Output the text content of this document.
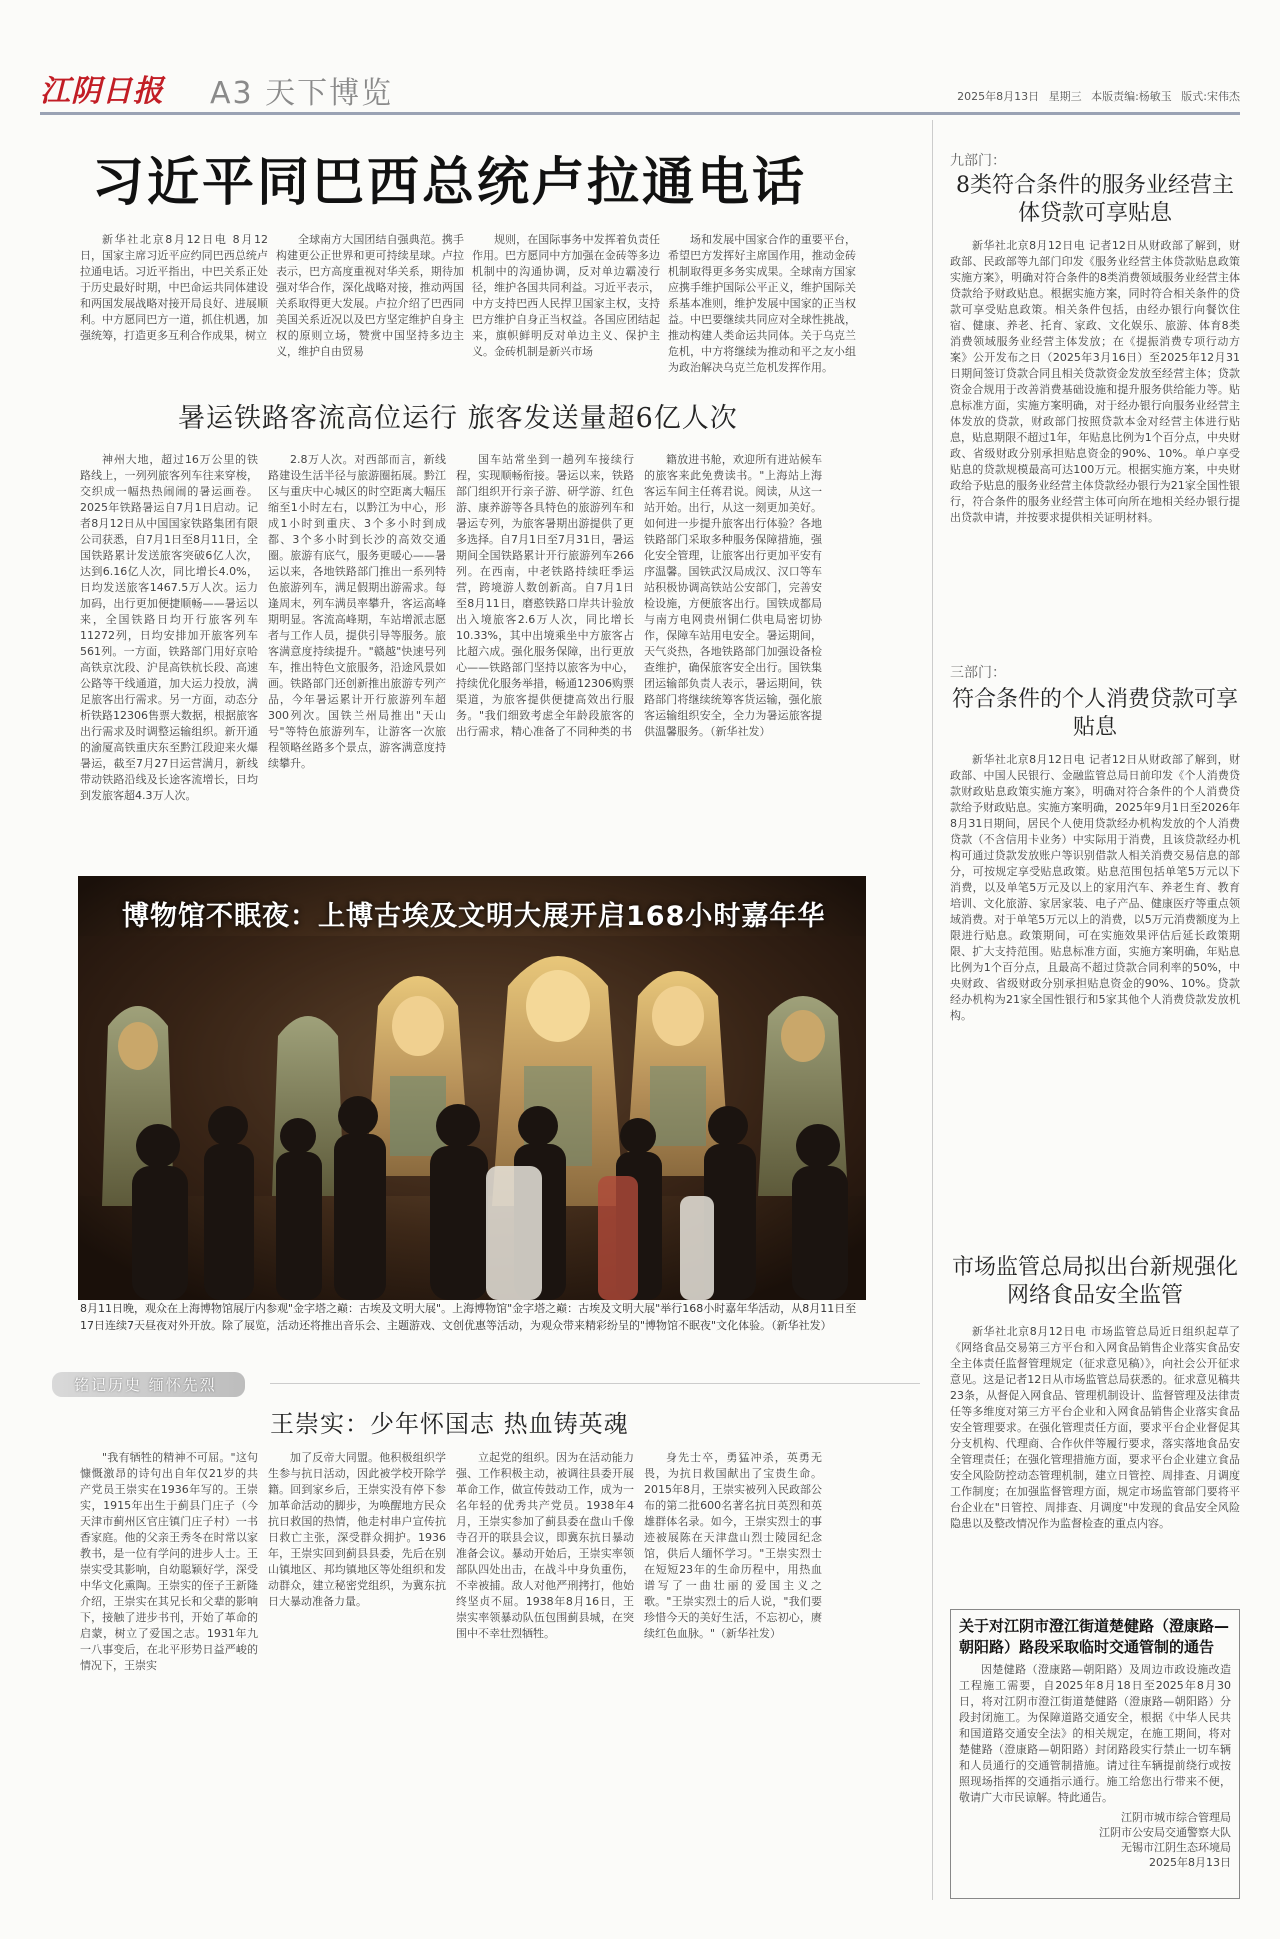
江阴日报 A3 天下博览	2025年8月13日 星期三 本版责编:杨敏玉 版式:宋伟杰
习近平同巴西总统卢拉通电话
新华社北京8月12日电 8月12日，国家主席习近平应约同巴西总统卢拉通电话。习近平指出，中巴关系正处于历史最好时期，中巴命运共同体建设和两国发展战略对接开局良好、进展顺利。中方愿同巴方一道，抓住机遇，加强统筹，打造更多互利合作成果，树立
全球南方大国团结自强典范。携手构建更公正世界和更可持续星球。卢拉表示，巴方高度重视对华关系，期待加强对华合作，深化战略对接，推动两国关系取得更大发展。卢拉介绍了巴西同美国关系近况以及巴方坚定维护自身主权的原则立场，赞赏中国坚持多边主义，维护自由贸易
规则，在国际事务中发挥着负责任作用。巴方愿同中方加强在金砖等多边机制中的沟通协调，反对单边霸凌行径，维护各国共同利益。习近平表示，中方支持巴西人民捍卫国家主权，支持巴方维护自身正当权益。各国应团结起来，旗帜鲜明反对单边主义、保护主义。金砖机制是新兴市场
场和发展中国家合作的重要平台，希望巴方发挥好主席国作用，推动金砖机制取得更多务实成果。全球南方国家应携手维护国际公平正义，维护国际关系基本准则，维护发展中国家的正当权益。中巴要继续共同应对全球性挑战，推动构建人类命运共同体。关于乌克兰危机，中方将继续为推动和平之友小组为政治解决乌克兰危机发挥作用。
暑运铁路客流高位运行 旅客发送量超6亿人次
神州大地，超过16万公里的铁路线上，一列列旅客列车往来穿梭，交织成一幅热热闹闹的暑运画卷。2025年铁路暑运自7月1日启动。记者8月12日从中国国家铁路集团有限公司获悉，自7月1日至8月11日，全国铁路累计发送旅客突破6亿人次，达到6.16亿人次，同比增长4.0%，日均发送旅客1467.5万人次。运力加码，出行更加便捷顺畅——暑运以来，全国铁路日均开行旅客列车11272列，日均安排加开旅客列车561列。一方面，铁路部门用好京哈高铁京沈段、沪昆高铁杭长段、高速公路等干线通道，加大运力投放，满足旅客出行需求。另一方面，动态分析铁路12306售票大数据，根据旅客出行需求及时调整运输组织。新开通的渝厦高铁重庆东至黔江段迎来火爆暑运，截至7月27日运营满月，新线带动铁路沿线及长途客流增长，日均到发旅客超4.3万人次。
2.8万人次。对西部而言，新线路建设生活半径与旅游圈拓展。黔江区与重庆中心城区的时空距离大幅压缩至1小时左右，以黔江为中心，形成1小时到重庆、3个多小时到成都、3个多小时到长沙的高效交通圈。旅游有底气，服务更暖心——暑运以来，各地铁路部门推出一系列特色旅游列车，满足假期出游需求。每逢周末，列车满员率攀升，客运高峰期明显。客流高峰期，车站增派志愿者与工作人员，提供引导等服务。旅客满意度持续提升。"赣越"快速号列车，推出特色文旅服务，沿途风景如画。铁路部门还创新推出旅游专列产品，今年暑运累计开行旅游列车超300列次。国铁兰州局推出"天山号"等特色旅游列车，让游客一次旅程领略丝路多个景点，游客满意度持续攀升。
国车站常坐到一趟列车接续行程，实现顺畅衔接。暑运以来，铁路部门组织开行亲子游、研学游、红色游、康养游等各具特色的旅游列车和暑运专列，为旅客暑期出游提供了更多选择。自7月1日至7月31日，暑运期间全国铁路累计开行旅游列车266列。在西南，中老铁路持续旺季运营，跨境游人数创新高。自7月1日至8月11日，磨憨铁路口岸共计验放出入境旅客2.6万人次，同比增长10.33%，其中出境乘坐中方旅客占比超六成。强化服务保障，出行更放心——铁路部门坚持以旅客为中心，持续优化服务举措，畅通12306购票渠道，为旅客提供便捷高效出行服务。"我们细致考虑全年龄段旅客的出行需求，精心准备了不同种类的书
籍放进书舱，欢迎所有进站候车的旅客来此免费读书。"上海站上海客运车间主任蒋君说。阅读，从这一站开始。出行，从这一刻更加美好。如何进一步提升旅客出行体验？各地铁路部门采取多种服务保障措施，强化安全管理，让旅客出行更加平安有序温馨。国铁武汉局成汉、汉口等车站积极协调高铁站公安部门，完善安检设施，方便旅客出行。国铁成都局与南方电网贵州铜仁供电局密切协作，保障车站用电安全。暑运期间，天气炎热，各地铁路部门加强设备检查维护，确保旅客安全出行。国铁集团运输部负责人表示，暑运期间，铁路部门将继续统筹客货运输，强化旅客运输组织安全，全力为暑运旅客提供温馨服务。（新华社发）
博物馆不眠夜：上博古埃及文明大展开启168小时嘉年华
8月11日晚，观众在上海博物馆展厅内参观"金字塔之巅：古埃及文明大展"。上海博物馆"金字塔之巅：古埃及文明大展"举行168小时嘉年华活动，从8月11日至17日连续7天昼夜对外开放。除了展览，活动还将推出音乐会、主题游戏、文创优惠等活动，为观众带来精彩纷呈的"博物馆不眠夜"文化体验。（新华社发）
铭记历史 缅怀先烈
王崇实：少年怀国志 热血铸英魂
"我有牺牲的精神不可屈。"这句慷慨激昂的诗句出自年仅21岁的共产党员王崇实在1936年写的。王崇实，1915年出生于蓟县门庄子（今天津市蓟州区官庄镇门庄子村）一书香家庭。他的父亲王秀冬在时常以家教书，是一位有学问的进步人士。王崇实受其影响，自幼聪颖好学，深受中华文化熏陶。王崇实的侄子王新隆介绍，王崇实在其兄长和父辈的影响下，接触了进步书刊，开始了革命的启蒙，树立了爱国之志。1931年九一八事变后，在北平形势日益严峻的情况下，王崇实
加了反帝大同盟。他积极组织学生参与抗日活动，因此被学校开除学籍。回到家乡后，王崇实没有停下参加革命活动的脚步，为唤醒地方民众抗日救国的热情，他走村串户宣传抗日救亡主张，深受群众拥护。1936年，王崇实回到蓟县县委，先后在别山镇地区、邦均镇地区等处组织和发动群众，建立秘密党组织，为冀东抗日大暴动准备力量。
立起党的组织。因为在活动能力强、工作积极主动，被调往县委开展革命工作，做宣传鼓动工作，成为一名年轻的优秀共产党员。1938年4月，王崇实参加了蓟县委在盘山千像寺召开的联县会议，即冀东抗日暴动准备会议。暴动开始后，王崇实率领部队四处出击，在战斗中身负重伤，不幸被捕。敌人对他严刑拷打，他始终坚贞不屈。1938年8月16日，王崇实率领暴动队伍包围蓟县城，在突围中不幸壮烈牺牲。
身先士卒，勇猛冲杀，英勇无畏，为抗日救国献出了宝贵生命。2015年8月，王崇实被列入民政部公布的第二批600名著名抗日英烈和英雄群体名录。如今，王崇实烈士的事迹被展陈在天津盘山烈士陵园纪念馆，供后人缅怀学习。"王崇实烈士在短短23年的生命历程中，用热血谱写了一曲壮丽的爱国主义之歌。"王崇实烈士的后人说，"我们要珍惜今天的美好生活，不忘初心，赓续红色血脉。"（新华社发）
九部门：
8类符合条件的服务业经营主体贷款可享贴息
新华社北京8月12日电 记者12日从财政部了解到，财政部、民政部等九部门印发《服务业经营主体贷款贴息政策实施方案》，明确对符合条件的8类消费领域服务业经营主体贷款给予财政贴息。根据实施方案，同时符合相关条件的贷款可享受贴息政策。相关条件包括，由经办银行向餐饮住宿、健康、养老、托育、家政、文化娱乐、旅游、体育8类消费领域服务业经营主体发放；在《提振消费专项行动方案》公开发布之日（2025年3月16日）至2025年12月31日期间签订贷款合同且相关贷款资金发放至经营主体；贷款资金合规用于改善消费基础设施和提升服务供给能力等。贴息标准方面，实施方案明确，对于经办银行向服务业经营主体发放的贷款，财政部门按照贷款本金对经营主体进行贴息，贴息期限不超过1年，年贴息比例为1个百分点，中央财政、省级财政分别承担贴息资金的90%、10%。单户享受贴息的贷款规模最高可达100万元。根据实施方案，中央财政给予贴息的服务业经营主体贷款经办银行为21家全国性银行，符合条件的服务业经营主体可向所在地相关经办银行提出贷款申请，并按要求提供相关证明材料。
三部门：
符合条件的个人消费贷款可享贴息
新华社北京8月12日电 记者12日从财政部了解到，财政部、中国人民银行、金融监管总局日前印发《个人消费贷款财政贴息政策实施方案》，明确对符合条件的个人消费贷款给予财政贴息。实施方案明确，2025年9月1日至2026年8月31日期间，居民个人使用贷款经办机构发放的个人消费贷款（不含信用卡业务）中实际用于消费，且该贷款经办机构可通过贷款发放账户等识别借款人相关消费交易信息的部分，可按规定享受贴息政策。贴息范围包括单笔5万元以下消费，以及单笔5万元及以上的家用汽车、养老生育、教育培训、文化旅游、家居家装、电子产品、健康医疗等重点领域消费。对于单笔5万元以上的消费，以5万元消费额度为上限进行贴息。政策期间，可在实施效果评估后延长政策期限、扩大支持范围。贴息标准方面，实施方案明确，年贴息比例为1个百分点，且最高不超过贷款合同利率的50%，中央财政、省级财政分别承担贴息资金的90%、10%。贷款经办机构为21家全国性银行和5家其他个人消费贷款发放机构。
市场监管总局拟出台新规强化网络食品安全监管
新华社北京8月12日电 市场监管总局近日组织起草了《网络食品交易第三方平台和入网食品销售企业落实食品安全主体责任监督管理规定（征求意见稿）》，向社会公开征求意见。这是记者12日从市场监管总局获悉的。征求意见稿共23条，从督促入网食品、管理机制设计、监督管理及法律责任等多维度对第三方平台企业和入网食品销售企业落实食品安全管理要求。在强化管理责任方面，要求平台企业督促其分支机构、代理商、合作伙伴等履行要求，落实落地食品安全管理责任；在强化管理措施方面，要求平台企业建立食品安全风险防控动态管理机制，建立日管控、周排查、月调度工作制度；在加强监督管理方面，规定市场监管部门要将平台企业在"日管控、周排查、月调度"中发现的食品安全风险隐患以及整改情况作为监督检查的重点内容。
关于对江阴市澄江街道楚健路（澄康路—朝阳路）路段采取临时交通管制的通告
因楚健路（澄康路—朝阳路）及周边市政设施改造工程施工需要，自2025年8月18日至2025年8月30日，将对江阴市澄江街道楚健路（澄康路—朝阳路）分段封闭施工。为保障道路交通安全，根据《中华人民共和国道路交通安全法》的相关规定，在施工期间，将对楚健路（澄康路—朝阳路）封闭路段实行禁止一切车辆和人员通行的交通管制措施。请过往车辆提前绕行或按照现场指挥的交通指示通行。施工给您出行带来不便，敬请广大市民谅解。特此通告。
江阴市城市综合管理局
江阴市公安局交通警察大队
无锡市江阴生态环境局
2025年8月13日
